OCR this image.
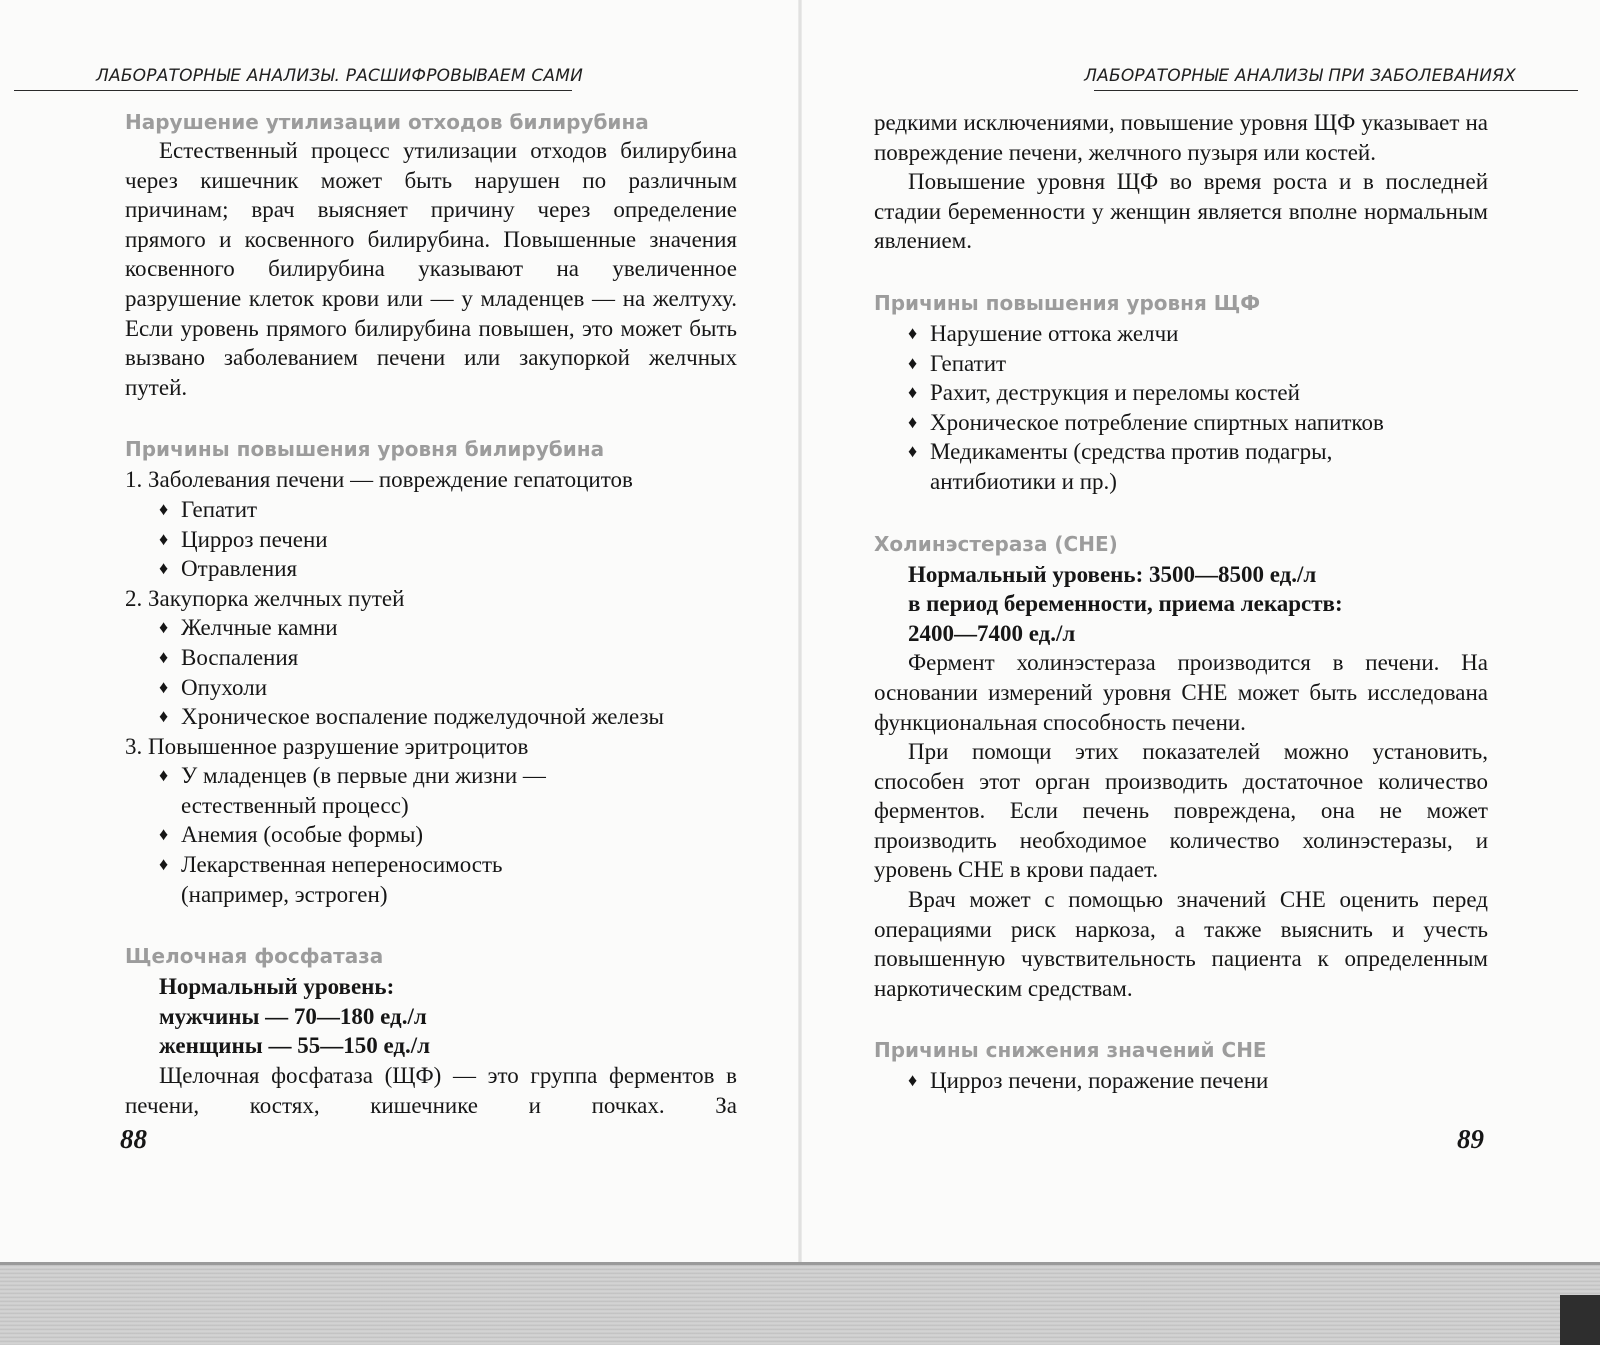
ЛАБОРАТОРНЫЕ АНАЛИЗЫ. РАСШИФРОВЫВАЕМ САМИ
Нарушение утилизации отходов билирубина

Естественный процесс утилизации отходов билирубина через кишечник может быть нарушен по различным причинам; врач выясняет причину через определение прямого и косвенного билирубина. Повышенные значения косвенного билирубина указывают на увеличенное разрушение клеток крови или — у младенцев — на желтуху. Если уровень прямого билирубина повышен, это может быть вызвано заболеванием печени или закупоркой желчных путей.

Причины повышения уровня билирубина
1. Заболевания печени — повреждение гепатоцитов
♦ Гепатит
♦ Цирроз печени
♦ Отравления
2. Закупорка желчных путей
♦ Желчные камни
♦ Воспаления
♦ Опухоли
♦ Хроническое воспаление поджелудочной железы
3. Повышенное разрушение эритроцитов
♦ У младенцев (в первые дни жизни — естественный процесс)
♦ Анемия (особые формы)
♦ Лекарственная непереносимость (например, эстроген)
Щелочная фосфатаза
Нормальный уровень:
мужчины — 70—180 ед./л
женщины — 55—150 ед./л

Щелочная фосфатаза (ЩФ) — это группа ферментов в печени, костях, кишечнике и почках. За

88
ЛАБОРАТОРНЫЕ АНАЛИЗЫ ПРИ ЗАБОЛЕВАНИЯХ

редкими исключениями, повышение уровня ЩФ указывает на повреждение печени, желчного пузыря или костей.

Повышение уровня ЩФ во время роста и в последней стадии беременности у женщин является вполне нормальным явлением.

Причины повышения уровня ЩФ
♦ Нарушение оттока желчи
♦ Гепатит
♦ Рахит, деструкция и переломы костей
♦ Хроническое потребление спиртных напитков
♦ Медикаменты (средства против подагры, антибиотики и пр.)
Холинэстераза (CHE)
Нормальный уровень: 3500—8500 ед./л
в период беременности, приема лекарств:
2400—7400 ед./л

Фермент холинэстераза производится в печени. На основании измерений уровня CHE может быть исследована функциональная способность печени.

При помощи этих показателей можно установить, способен этот орган производить достаточное количество ферментов. Если печень повреждена, она не может производить необходимое количество холинэстеразы, и уровень CHE в крови падает.

Врач может с помощью значений CHE оценить перед операциями риск наркоза, а также выяснить и учесть повышенную чувствительность пациента к определенным наркотическим средствам.

Причины снижения значений CHE
♦ Цирроз печени, поражение печени
89
